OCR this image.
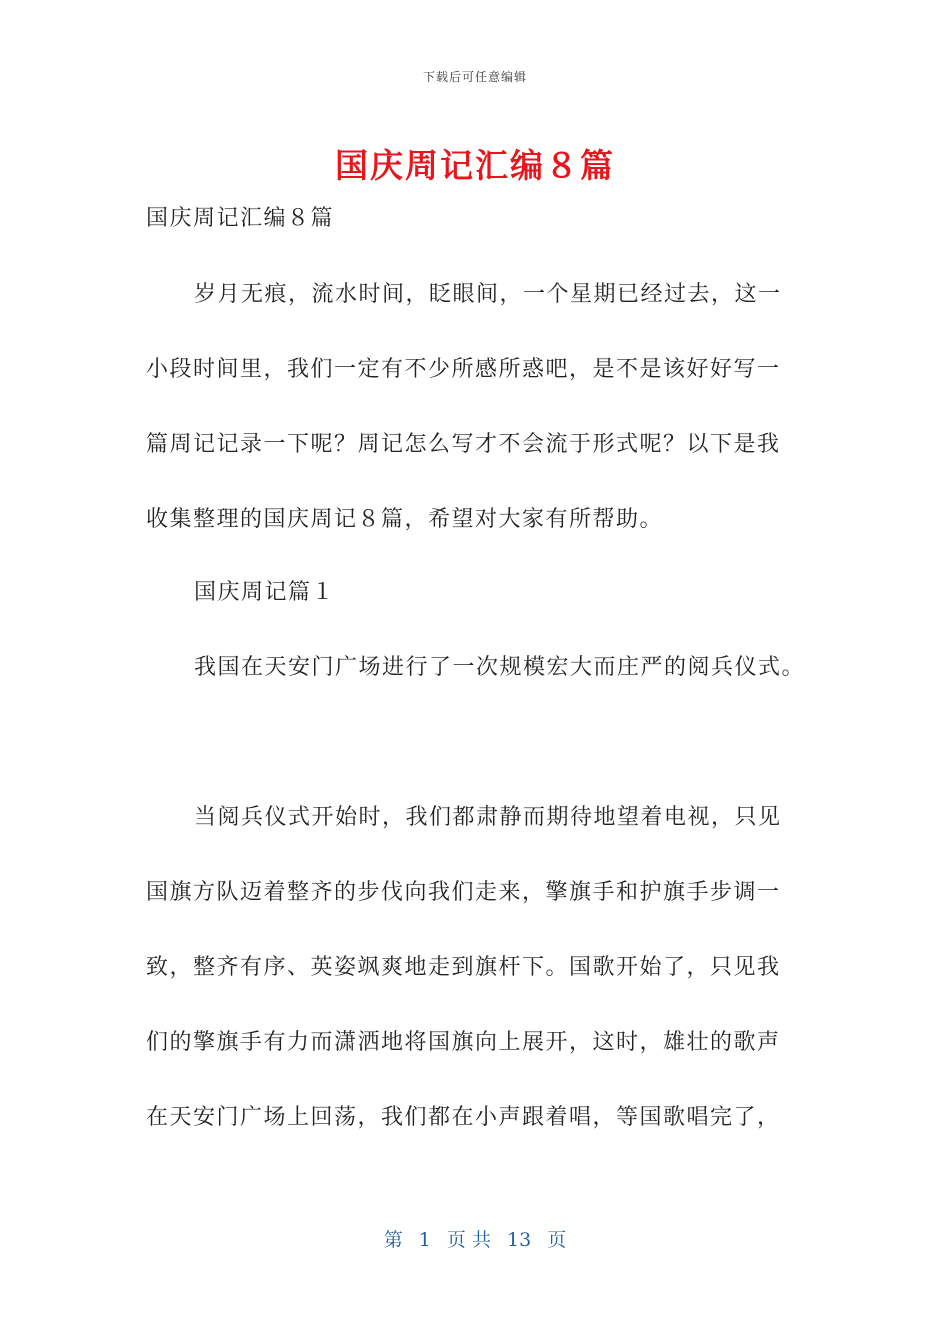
下载后可任意编辑
国庆周记汇编８篇
国庆周记汇编８篇
岁月无痕，流水时间，眨眼间，一个星期已经过去，这一
小段时间里，我们一定有不少所感所惑吧，是不是该好好写一
篇周记记录一下呢？周记怎么写才不会流于形式呢？以下是我
收集整理的国庆周记８篇，希望对大家有所帮助。
国庆周记篇１
我国在天安门广场进行了一次规模宏大而庄严的阅兵仪式。
当阅兵仪式开始时，我们都肃静而期待地望着电视，只见
国旗方队迈着整齐的步伐向我们走来，擎旗手和护旗手步调一
致，整齐有序、英姿飒爽地走到旗杆下。国歌开始了，只见我
们的擎旗手有力而潇洒地将国旗向上展开，这时，雄壮的歌声
在天安门广场上回荡，我们都在小声跟着唱，等国歌唱完了，
第 1 页 共 13 页
